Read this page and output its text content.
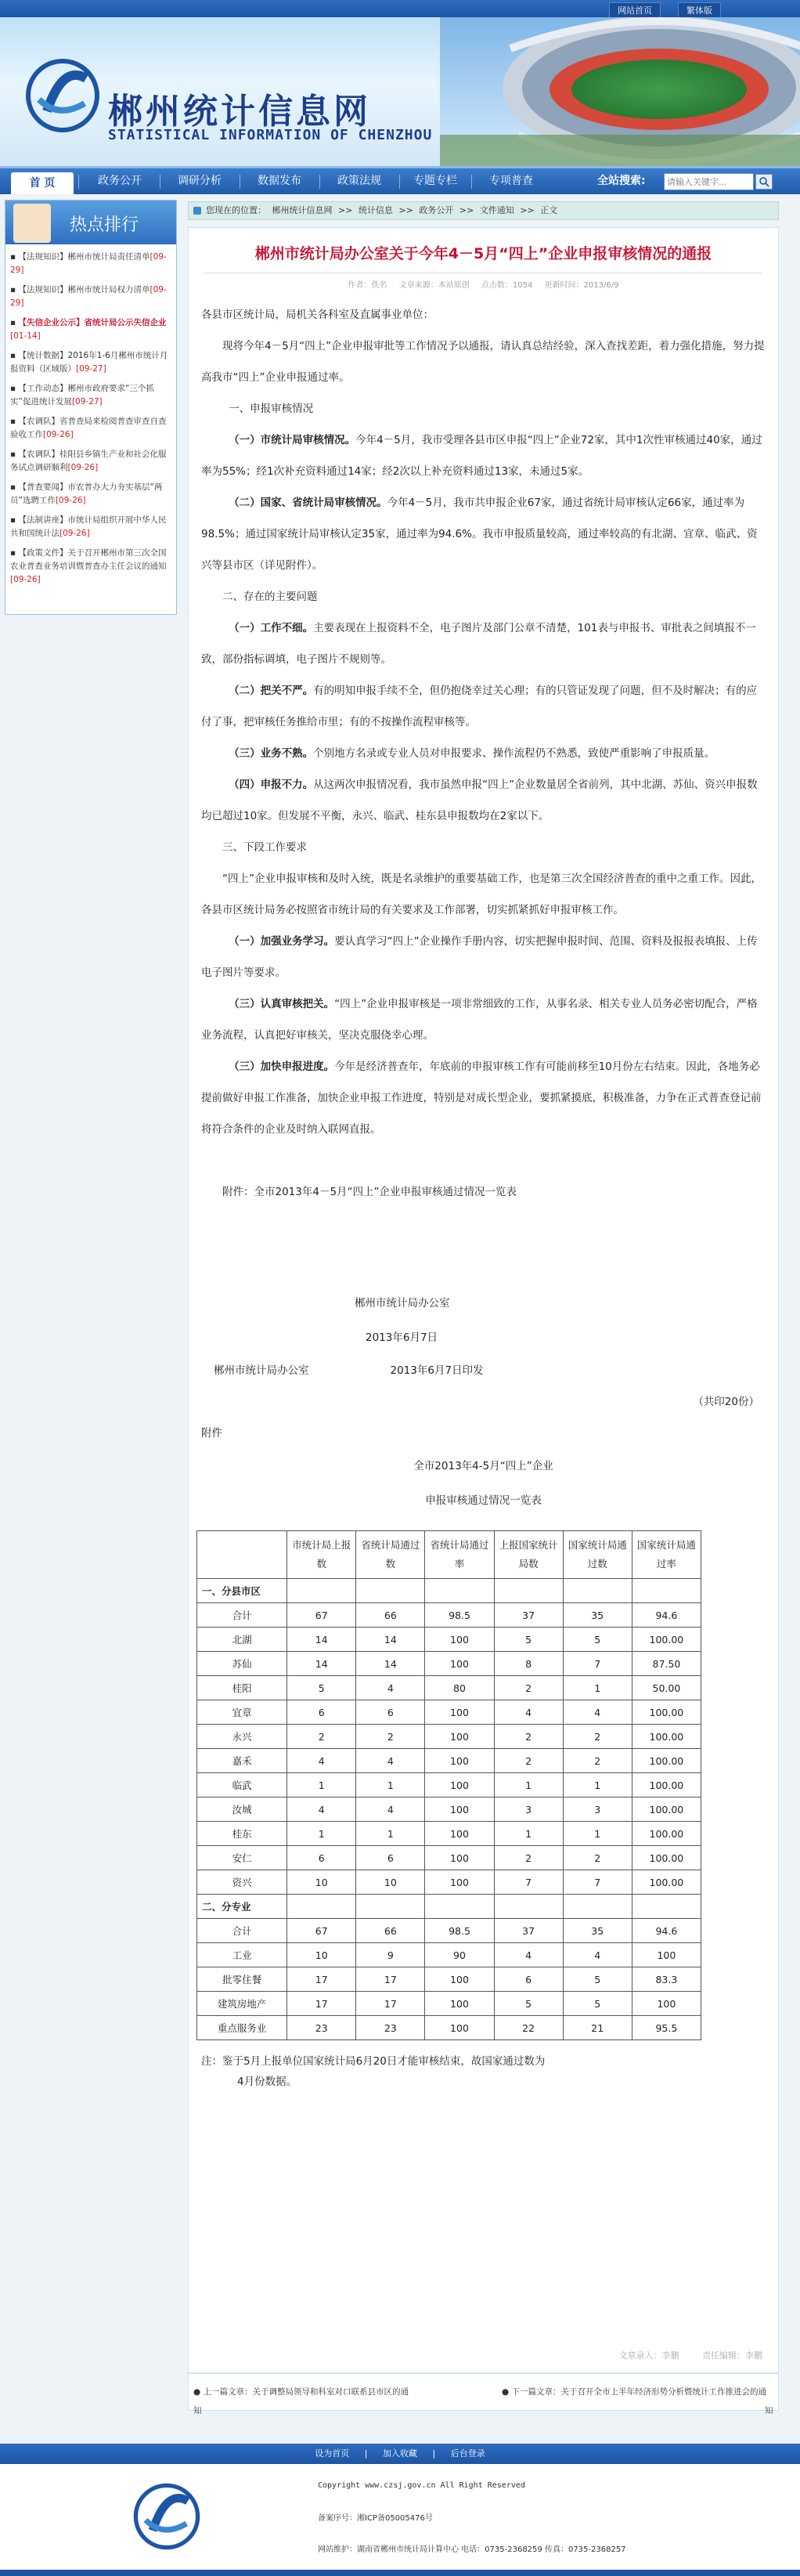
网站首页	繁体版
郴州统计信息网
STATISTICAL INFORMATION OF CHENZHOU
首 页	政务公开	调研分析	数据发布	政策法规	专题专栏	专项普查	全站搜索:
请输入关键字...
热点排行
▪ 【法规知识】郴州市统计局责任清单[09-29]
▪ 【法规知识】郴州市统计局权力清单[09-29]
▪ 【失信企业公示】省统计局公示失信企业[01-14]
▪ 【统计数据】2016年1-6月郴州市统计月报资料（区域版）[09-27]
▪ 【工作动态】郴州市政府要求“三个抓实”促进统计发展[09-27]
▪ 【农调队】省普查局来检阅普查审查自查验收工作[09-26]
▪ 【农调队】桂阳县乡镇生产业和社会化服务试点调研顺利[09-26]
▪ 【普查要闻】市农普办大力夯实基层“两员”选聘工作[09-26]
▪ 【法制讲座】市统计局组织开展中华人民共和国统计法[09-26]
▪ 【政策文件】关于召开郴州市第三次全国农业普查业务培训暨普查办主任会议的通知[09-26]
您现在的位置： 郴州统计信息网 >> 统计信息 >> 政务公开 >> 文件通知 >> 正文
郴州市统计局办公室关于今年4－5月“四上”企业申报审核情况的通报
作者：佚名 文章来源：本站原创 点击数：1054 更新时间：2013/6/9

各县市区统计局，局机关各科室及直属事业单位：

现将今年4－5月“四上”企业申报审批等工作情况予以通报，请认真总结经验，深入查找差距，着力强化措施，努力提高我市“四上”企业申报通过率。

一、申报审核情况

（一）市统计局审核情况。今年4－5月，我市受理各县市区申报“四上”企业72家，其中1次性审核通过40家，通过率为55%；经1次补充资料通过14家；经2次以上补充资料通过13家，未通过5家。

（二）国家、省统计局审核情况。今年4－5月，我市共申报企业67家，通过省统计局审核认定66家，通过率为98.5%；通过国家统计局审核认定35家，通过率为94.6%。我市申报质量较高，通过率较高的有北湖、宜章、临武、资兴等县市区（详见附件）。

二、存在的主要问题

（一）工作不细。主要表现在上报资料不全，电子图片及部门公章不清楚，101表与申报书、审批表之间填报不一致，部份指标调填，电子图片不规则等。

（二）把关不严。有的明知申报手续不全，但仍抱侥幸过关心理；有的只管证发现了问题，但不及时解决；有的应付了事，把审核任务推给市里；有的不按操作流程审核等。

（三）业务不熟。个别地方名录或专业人员对申报要求、操作流程仍不熟悉，致使严重影响了申报质量。

（四）申报不力。从这两次申报情况看，我市虽然申报“四上”企业数量居全省前列，其中北湖、苏仙、资兴申报数均已超过10家。但发展不平衡，永兴、临武、桂东县申报数均在2家以下。

三、下段工作要求

“四上”企业申报审核和及时入统，既是名录维护的重要基础工作，也是第三次全国经济普查的重中之重工作。因此，各县市区统计局务必按照省市统计局的有关要求及工作部署，切实抓紧抓好申报审核工作。

（一）加强业务学习。要认真学习“四上”企业操作手册内容，切实把握申报时间、范围、资料及报报表填报、上传电子图片等要求。

（三）认真审核把关。“四上”企业申报审核是一项非常细致的工作，从事名录、相关专业人员务必密切配合，严格业务流程，认真把好审核关，坚决克服侥幸心理。

（三）加快申报进度。今年是经济普查年，年底前的申报审核工作有可能前移至10月份左右结束。因此，各地务必提前做好申报工作准备，加快企业申报工作进度，特别是对成长型企业，要抓紧摸底，积极准备，力争在正式普查登记前将符合条件的企业及时纳入联网直报。

附件：全市2013年4－5月“四上”企业申报审核通过情况一览表

郴州市统计局办公室

2013年6月7日

郴州市统计局办公室	2013年6月7日印发

（共印20份）

附件

全市2013年4-5月“四上”企业

申报审核通过情况一览表

	市统计局上报数	省统计局通过数	省统计局通过率	上报国家统计局数	国家统计局通过数	国家统计局通过率
一、分县市区						
合计	67	66	98.5	37	35	94.6
北湖	14	14	100	5	5	100.00
苏仙	14	14	100	8	7	87.50
桂阳	5	4	80	2	1	50.00
宜章	6	6	100	4	4	100.00
永兴	2	2	100	2	2	100.00
嘉禾	4	4	100	2	2	100.00
临武	1	1	100	1	1	100.00
汝城	4	4	100	3	3	100.00
桂东	1	1	100	1	1	100.00
安仁	6	6	100	2	2	100.00
资兴	10	10	100	7	7	100.00
二、分专业						
合计	67	66	98.5	37	35	94.6
工业	10	9	90	4	4	100
批零住餐	17	17	100	6	5	83.3
建筑房地产	17	17	100	5	5	100
重点服务业	23	23	100	22	21	95.5

注：鉴于5月上报单位国家统计局6月20日才能审核结束，故国家通过数为

4月份数据。

文章录入：李鹏	责任编辑：李鹏
● 上一篇文章：关于调整局领导和科室对口联系县市区的通	● 下一篇文章：关于召开全市上半年经济形势分析暨统计工作推进会的通
知	知
设为首页 | 加入收藏 | 后台登录
Copyright www.czsj.gov.cn All Right Reserved
备案序号：湘ICP备05005476号
网站维护：湖南省郴州市统计局计算中心 电话：0735-2368259 传真：0735-2368257
